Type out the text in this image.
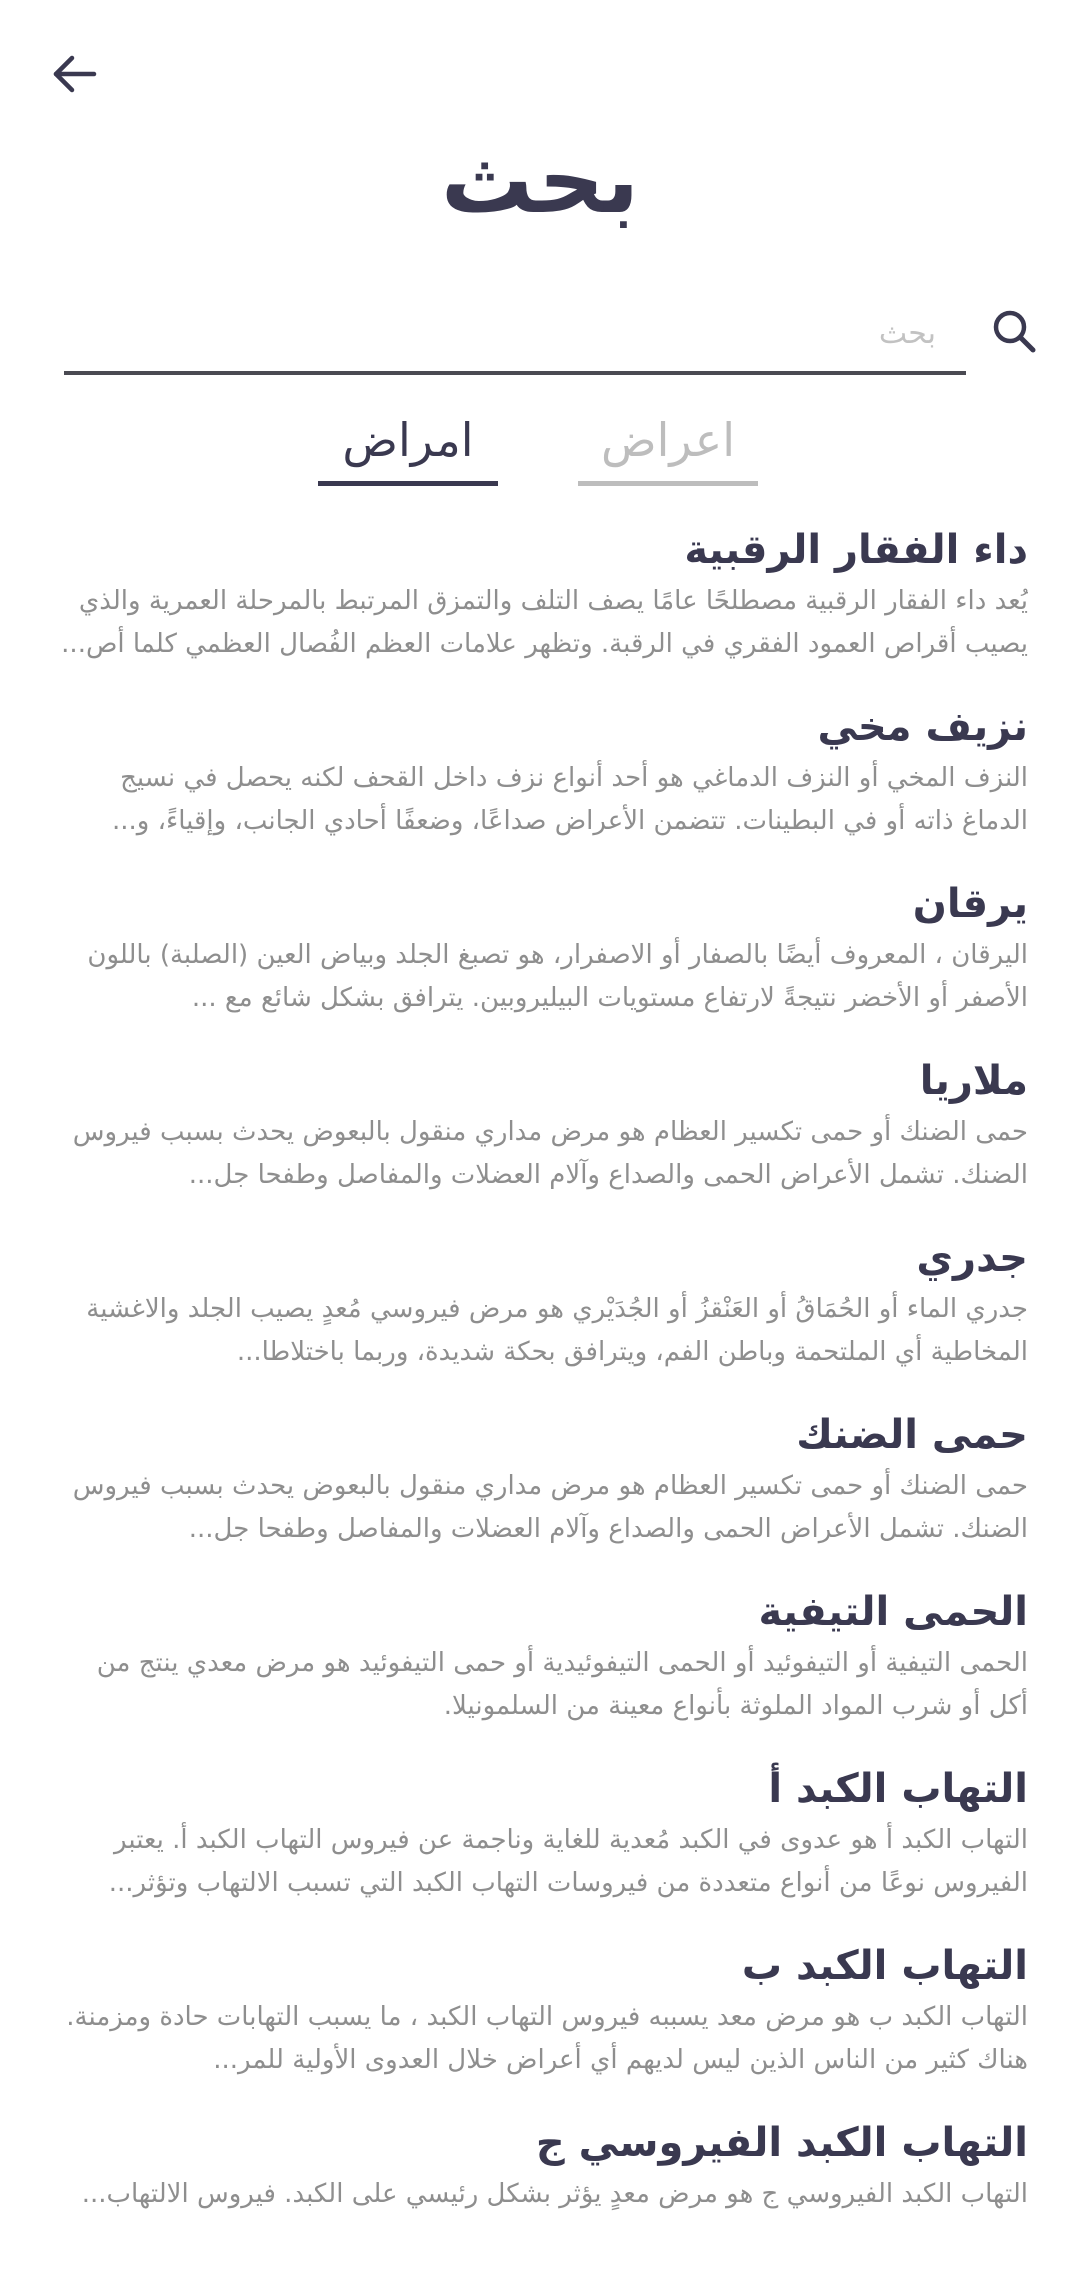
بحث
بحث
امراض	اعراض
داء الفقار الرقبية
يُعد داء الفقار الرقبية مصطلحًا عامًا يصف التلف والتمزق المرتبط بالمرحلة العمرية والذي يصيب أقراص العمود الفقري في الرقبة. وتظهر علامات العظم الفُصال العظمي كلما أص...
نزيف مخي
النزف المخي أو النزف الدماغي هو أحد أنواع نزف داخل القحف لكنه يحصل في نسيج الدماغ ذاته أو في البطينات. تتضمن الأعراض صداعًا، وضعفًا أحادي الجانب، وإقياءً، و...
يرقان
اليرقان ، المعروف أيضًا بالصفار أو الاصفرار، هو تصبغ الجلد وبياض العين (الصلبة) باللون الأصفر أو الأخضر نتيجةً لارتفاع مستويات البيليروبين. يترافق بشكل شائع مع ...
ملاريا
حمى الضنك أو حمى تكسير العظام هو مرض مداري منقول بالبعوض يحدث بسبب فيروس الضنك. تشمل الأعراض الحمى والصداع وآلام العضلات والمفاصل وطفحا جل...
جدري
جدري الماء أو الحُمَاقُ أو العَنْقزُ أو الجُدَيْري هو مرض فيروسي مُعدٍ يصيب الجلد والاغشية المخاطية أي الملتحمة وباطن الفم، ويترافق بحكة شديدة، وربما باختلاطا...
حمى الضنك
حمى الضنك أو حمى تكسير العظام هو مرض مداري منقول بالبعوض يحدث بسبب فيروس الضنك. تشمل الأعراض الحمى والصداع وآلام العضلات والمفاصل وطفحا جل...
الحمى التيفية
الحمى التيفية أو التيفوئيد أو الحمى التيفوئيدية أو حمى التيفوئيد هو مرض معدي ينتج من أكل أو شرب المواد الملوثة بأنواع معينة من السلمونيلا.
التهاب الكبد أ
التهاب الكبد أ هو عدوى في الكبد مُعدية للغاية وناجمة عن فيروس التهاب الكبد أ. يعتبر الفيروس نوعًا من أنواع متعددة من فيروسات التهاب الكبد التي تسبب الالتهاب وتؤثر...
التهاب الكبد ب
التهاب الكبد ب هو مرض معد يسببه فيروس التهاب الكبد ، ما يسبب التهابات حادة ومزمنة. هناك كثير من الناس الذين ليس لديهم أي أعراض خلال العدوى الأولية للمر...
التهاب الكبد الفيروسي ج
التهاب الكبد الفيروسي ج هو مرض معدٍ يؤثر بشكل رئيسي على الكبد. فيروس الالتهاب...
